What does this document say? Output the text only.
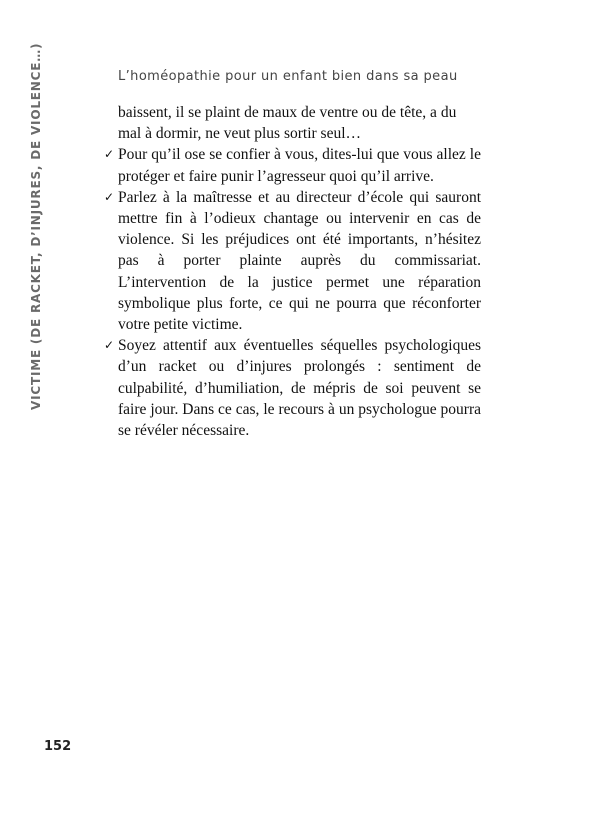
L’homéopathie pour un enfant bien dans sa peau
VICTIME (DE RACKET, D’INJURES, DE VIOLENCE…)	baissent, il se plaint de maux de ventre ou de tête, a du mal à dormir, ne veut plus sortir seul…

✓ Pour qu’il ose se confier à vous, dites-lui que vous allez le protéger et faire punir l’agresseur quoi qu’il arrive.
✓ Parlez à la maîtresse et au directeur d’école qui sauront mettre fin à l’odieux chantage ou intervenir en cas de violence. Si les préjudices ont été importants, n’hésitez pas à porter plainte auprès du commissariat. L’intervention de la justice permet une réparation symbolique plus forte, ce qui ne pourra que réconforter votre petite victime.
✓ Soyez attentif aux éventuelles séquelles psychologiques d’un racket ou d’injures prolongés : sentiment de culpabilité, d’humiliation, de mépris de soi peuvent se faire jour. Dans ce cas, le recours à un psychologue pourra se révéler nécessaire.
152
